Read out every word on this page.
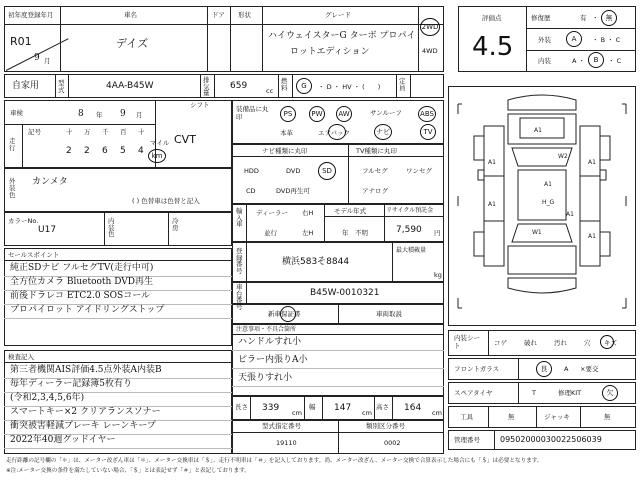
初年度登録年月
R01
9 月
車名
デイズ
ドア 形状	グレード
ハイウェイスターG ターボ プロパイ
ロットエディション
2WD
4WD
評価点
4.5
修復歴	有 ・ 無
外装	A ・ B ・ C
内装	A ・ B ・ C
自家用	型式	4AA-B45W
排気量
659	cc
燃料 G ・ D ・ HV ・ (　　)
定員
車検	8 年 9 月
シフト
CVT
走行
記号	十 万 千 百 十
2 2 6 5 4
マイル
km
外装色
カンメタ
( ) 色替車は色替と記入
カラーNo.
U17
内装色
冷房
セールスポイント
純正SDナビ フルセグTV(走行中可)
全方位カメラ Bluetooth DVD再生
前後ドラレコ ETC2.0 SOSコール
プロパイロット アイドリングストップ
検査記入
第三者機関AIS評価4.5点外装A内装B
毎年ディーラー記録簿5枚有り
(令和2,3,4,5,6年)
スマートキー×2 クリアランスソナー
衝突被害軽減ブレーキ レーンキープ
2022年40週グッドイヤー
装備品に丸印	PS	PW AW	サンルーフ	ABS
本革	エアバック	ナビ	TV
ナビ種類に丸印	TV種類に丸印
HDD	DVD	SD
CD	DVD再生可
フルセグ	ワンセグ
アナログ
輸入車
ディーラー 右H
並行	左H
モデル年式
年　不明
リサイクル預託金
7,590 円
登録番号
横浜583そ8844
最大積載量
kg
車台番号
B45W-0010321
新車保証書	車両取説
注意事項・不具合箇所
ハンドルすれ小
ピラー内張りA小
天張りすれ小
長さ 339 cm
幅 147 cm
高さ 164 cm
型式指定番号
19110
類別区分番号
0002
A1
W2
A1
H_G
A1	A1
A1
A1
A1
W1
内装シート	コゲ	破れ	汚れ	穴 キズ
フロントガラス	良	A ×要交
スペアタイヤ	T	修理KIT	欠
工具	無	ジャッキ	無
管理番号	09502000030022506039
走行距離の記号欄の「＊」は、メーター改ざん車は「＊」、メーター交換車は「＄」、走行不明車は「＃」を記入しております。尚、メーター改ざん、メーター交換で合算表示した場合にも「＄」は必要となります。
※注:メーター交換の条件を満たしていない場合、「＄」とは表記せず「＃」と表記しております。
